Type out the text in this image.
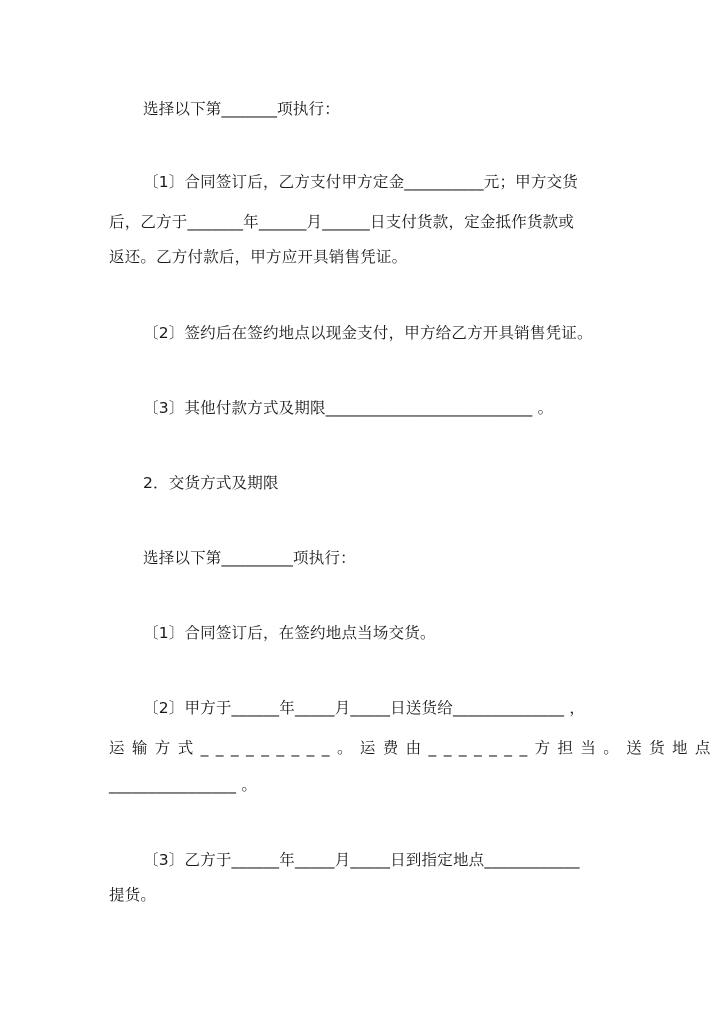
选择以下第_______项执行：
〔1〕合同签订后，乙方支付甲方定金__________元；甲方交货
后，乙方于_______年______月______日支付货款，定金抵作货款或
返还。乙方付款后，甲方应开具销售凭证。
〔2〕签约后在签约地点以现金支付，甲方给乙方开具销售凭证。
〔3〕其他付款方式及期限__________________________ 。
2．交货方式及期限
选择以下第_________项执行：
〔1〕合同签订后，在签约地点当场交货。
〔2〕甲方于______年_____月_____日送货给______________ ，
运输方式_________。运费由_______方担当。送货地点
________________ 。
〔3〕乙方于______年_____月_____日到指定地点____________
提货。
